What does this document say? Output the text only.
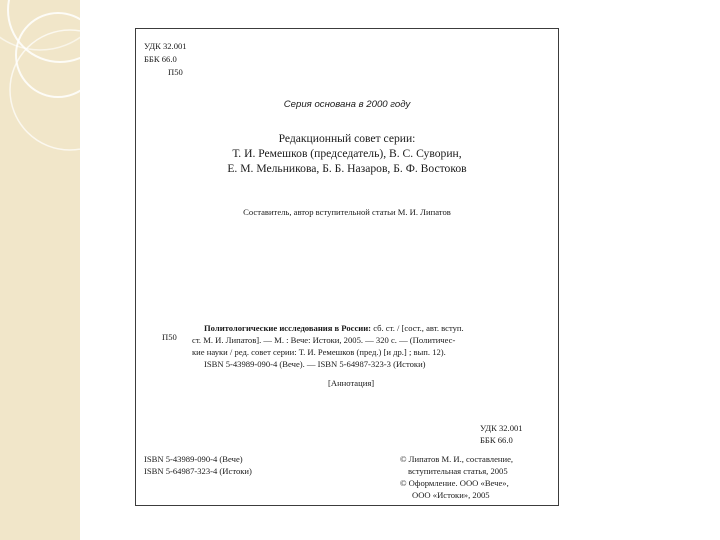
УДК 32.001
ББК 66.0
П50
Серия основана в 2000 году
Редакционный совет серии:
Т. И. Ремешков (председатель), В. С. Суворин,
Е. М. Мельникова, Б. Б. Назаров, Б. Ф. Востоков
Составитель, автор вступительной статьи М. И. Липатов
П50
Политологические исследования в России: сб. ст. / [сост., авт. вступ.
ст. М. И. Липатов]. — М. : Вече: Истоки, 2005. — 320 с. — (Политичес-
кие науки / ред. совет серии: Т. И. Ремешков (пред.) [и др.] ; вып. 12).
ISBN 5-43989-090-4 (Вече). — ISBN 5-64987-323-3 (Истоки)
[Аннотация]
УДК 32.001
ББК 66.0
ISBN 5-43989-090-4 (Вече)
ISBN 5-64987-323-4 (Истоки)
© Липатов М. И., составление,
вступительная статья, 2005
© Оформление. ООО «Вече»,
ООО «Истоки», 2005
